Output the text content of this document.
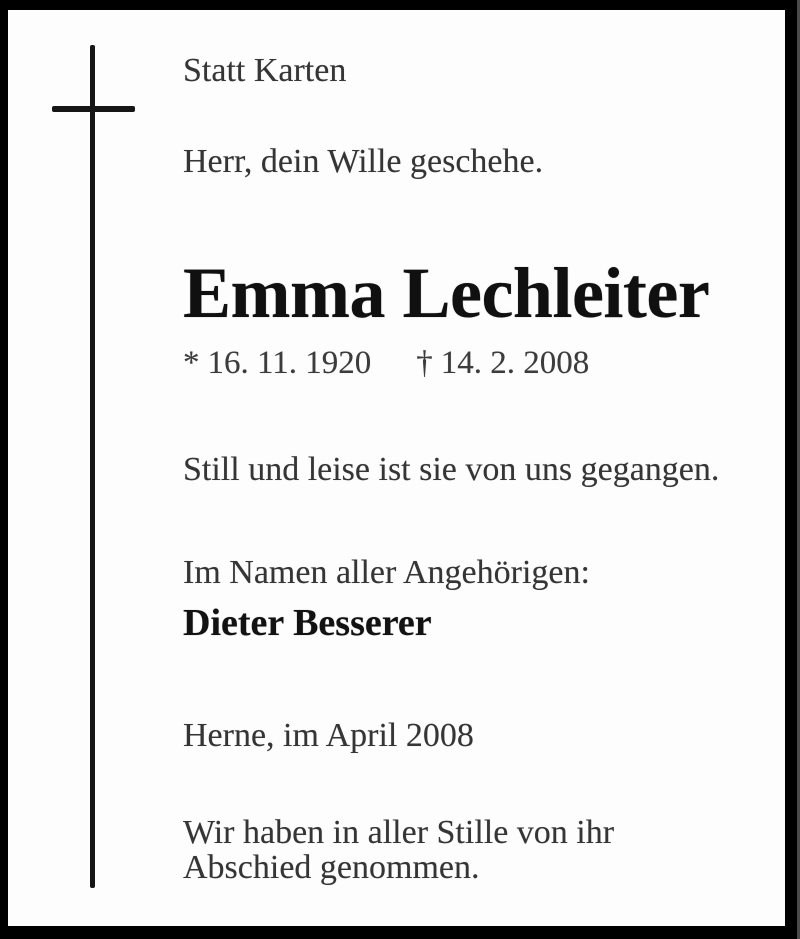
Statt Karten
Herr, dein Wille geschehe.
Emma Lechleiter
* 16. 11. 1920 † 14. 2. 2008
Still und leise ist sie von uns gegangen.
Im Namen aller Angehörigen:
Dieter Besserer
Herne, im April 2008
Wir haben in aller Stille von ihr
Abschied genommen.
